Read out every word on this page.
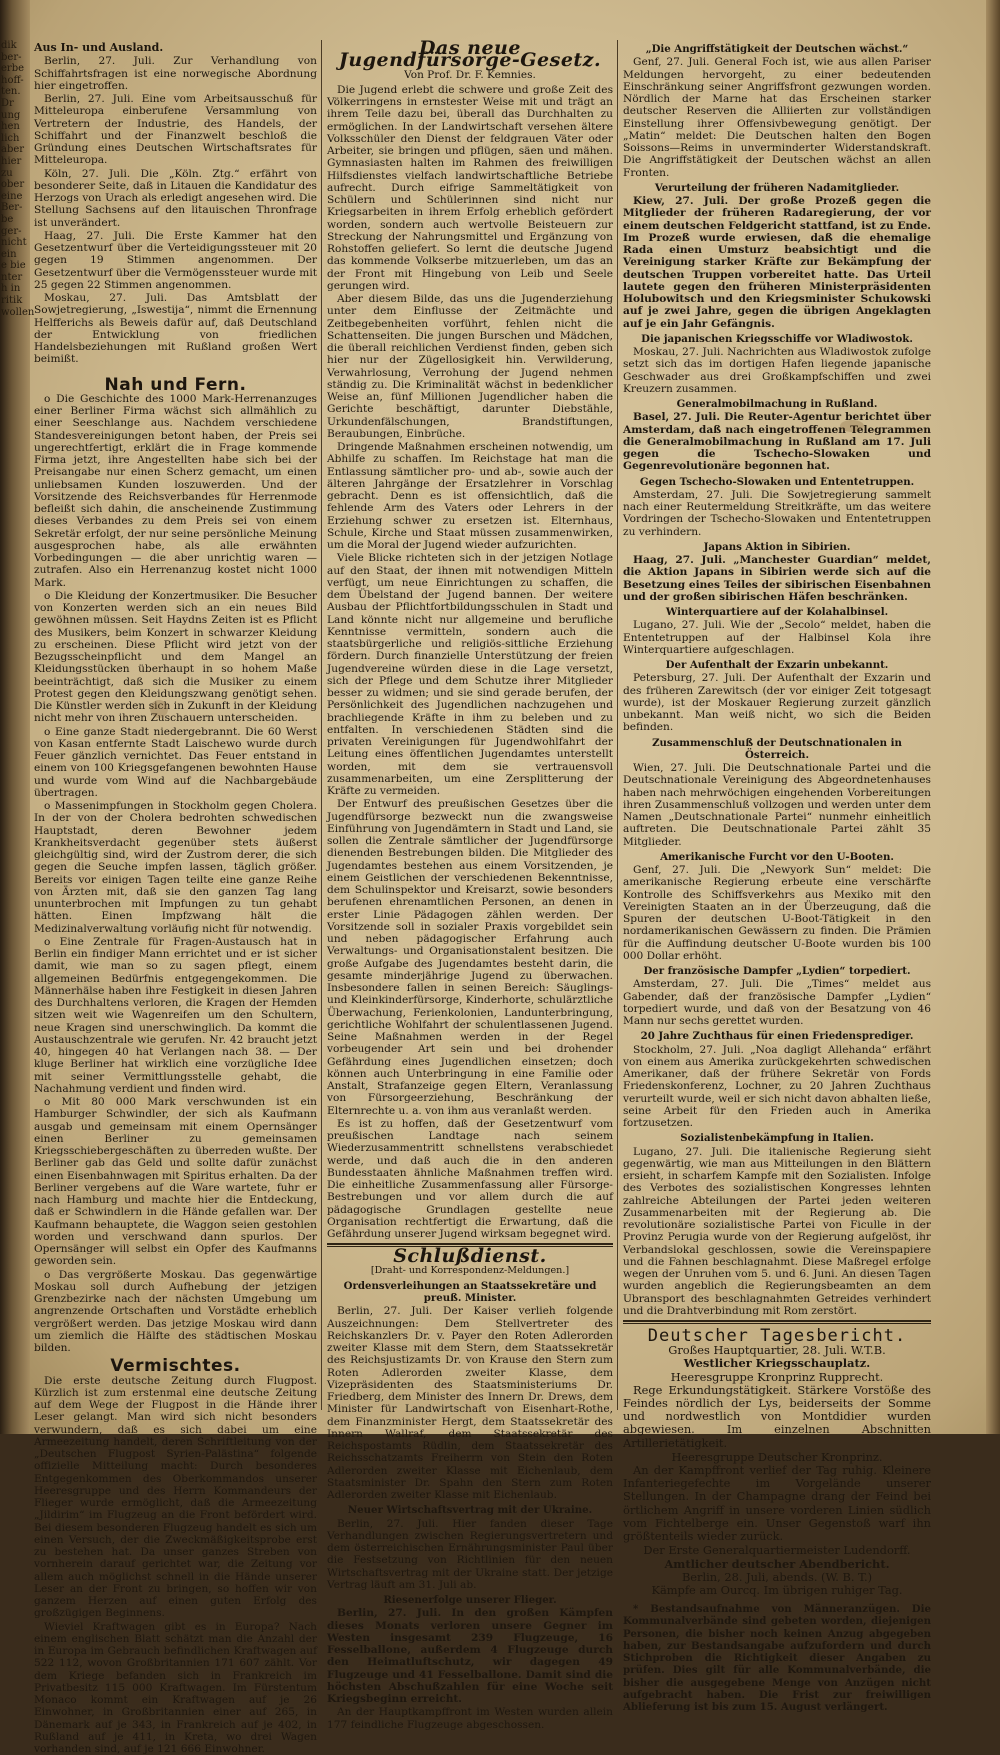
dik
ber-
erbe
hoff-
ten.
Dr
ung
hen
lich
aber
hier
zu
ober
eine
Ber-
be
ger-
nicht
ein
e bie
nter
h in
ritik
wollen
Aus In- und Ausland.
Berlin, 27. Juli. Zur Verhandlung von Schiffahrtsfragen ist eine norwegische Abordnung hier eingetroffen.
Berlin, 27. Juli. Eine vom Arbeitsausschuß für Mitteleuropa einberufene Versammlung von Vertretern der Industrie, des Handels, der Schiffahrt und der Finanzwelt beschloß die Gründung eines Deutschen Wirtschaftsrates für Mitteleuropa.
Köln, 27. Juli. Die „Köln. Ztg.“ erfährt von besonderer Seite, daß in Litauen die Kandidatur des Herzogs von Urach als erledigt angesehen wird. Die Stellung Sachsens auf den litauischen Thronfrage ist unverändert.
Haag, 27. Juli. Die Erste Kammer hat den Gesetzentwurf über die Verteidigungssteuer mit 20 gegen 19 Stimmen angenommen. Der Gesetzentwurf über die Vermögenssteuer wurde mit 25 gegen 22 Stimmen angenommen.
Moskau, 27. Juli. Das Amtsblatt der Sowjetregierung, „Iswestija“, nimmt die Ernennung Helfferichs als Beweis dafür auf, daß Deutschland der Entwicklung von friedlichen Handelsbeziehungen mit Rußland großen Wert beimißt.
Nah und Fern.
o Die Geschichte des 1000 Mark-Herrenanzuges einer Berliner Firma wächst sich allmählich zu einer Seeschlange aus. Nachdem verschiedene Standesvereinigungen betont haben, der Preis sei ungerechtfertigt, erklärt die in Frage kommende Firma jetzt, ihre Angestellten habe sich bei der Preisangabe nur einen Scherz gemacht, um einen unliebsamen Kunden loszuwerden. Und der Vorsitzende des Reichsverbandes für Herrenmode befleißt sich dahin, die anscheinende Zustimmung dieses Verbandes zu dem Preis sei von einem Sekretär erfolgt, der nur seine persönliche Meinung ausgesprochen habe, als alle erwähnten Vorbedingungen — die aber unrichtig waren — zutrafen. Also ein Herrenanzug kostet nicht 1000 Mark.
o Die Kleidung der Konzertmusiker. Die Besucher von Konzerten werden sich an ein neues Bild gewöhnen müssen. Seit Haydns Zeiten ist es Pflicht des Musikers, beim Konzert in schwarzer Kleidung zu erscheinen. Diese Pflicht wird jetzt von der Bezugsscheinpflicht und dem Mangel an Kleidungsstücken überhaupt in so hohem Maße beeinträchtigt, daß sich die Musiker zu einem Protest gegen den Kleidungszwang genötigt sehen. Die Künstler werden sich in Zukunft in der Kleidung nicht mehr von ihren Zuschauern unterscheiden.
o Eine ganze Stadt niedergebrannt. Die 60 Werst von Kasan entfernte Stadt Laischewo wurde durch Feuer gänzlich vernichtet. Das Feuer entstand in einem von 100 Kriegsgefangenen bewohnten Hause und wurde vom Wind auf die Nachbargebäude übertragen.
o Massenimpfungen in Stockholm gegen Cholera. In der von der Cholera bedrohten schwedischen Hauptstadt, deren Bewohner jedem Krankheitsverdacht gegenüber stets äußerst gleichgültig sind, wird der Zustrom derer, die sich gegen die Seuche impfen lassen, täglich größer. Bereits vor einigen Tagen teilte eine ganze Reihe von Ärzten mit, daß sie den ganzen Tag lang ununterbrochen mit Impfungen zu tun gehabt hätten. Einen Impfzwang hält die Medizinalverwaltung vorläufig nicht für notwendig.
o Eine Zentrale für Fragen-Austausch hat in Berlin ein findiger Mann errichtet und er ist sicher damit, wie man so zu sagen pflegt, einem allgemeinen Bedürfnis entgegengekommen. Die Männerhälse haben ihre Festigkeit in diesen Jahren des Durchhaltens verloren, die Kragen der Hemden sitzen weit wie Wagenreifen um den Schultern, neue Kragen sind unerschwinglich. Da kommt die Austauschzentrale wie gerufen. Nr. 42 braucht jetzt 40, hingegen 40 hat Verlangen nach 38. — Der kluge Berliner hat wirklich eine vorzügliche Idee mit seiner Vermittlungsstelle gehabt, die Nachahmung verdient und finden wird.
o Mit 80 000 Mark verschwunden ist ein Hamburger Schwindler, der sich als Kaufmann ausgab und gemeinsam mit einem Opernsänger einen Berliner zu gemeinsamen Kriegsschiebergeschäften zu überreden wußte. Der Berliner gab das Geld und sollte dafür zunächst einen Eisenbahnwagen mit Spiritus erhalten. Da der Berliner vergebens auf die Ware wartete, fuhr er nach Hamburg und machte hier die Entdeckung, daß er Schwindlern in die Hände gefallen war. Der Kaufmann behauptete, die Waggon seien gestohlen worden und verschwand dann spurlos. Der Opernsänger will selbst ein Opfer des Kaufmanns geworden sein.
o Das vergrößerte Moskau. Das gegenwärtige Moskau soll durch Aufhebung der jetzigen Grenzbezirke nach der nächsten Umgebung um angrenzende Ortschaften und Vorstädte erheblich vergrößert werden. Das jetzige Moskau wird dann um ziemlich die Hälfte des städtischen Moskau bilden.
Vermischtes.
Die erste deutsche Zeitung durch Flugpost. Kürzlich ist zum erstenmal eine deutsche Zeitung auf dem Wege der Flugpost in die Hände ihrer Leser gelangt. Man wird sich nicht besonders verwundern, daß es sich dabei um eine Armeezeitung handelt, deren Schriftleitung von der „Deutschen Flugpost Syrien-Palästina“ folgende offizielle Mitteilung macht: Durch besonderes Entgegenkommen des Oberkommandos unserer Heeresgruppe und des Herrn Kommandeurs der Flieger wurde ermöglicht, daß die Armeezeitung „Jildirim“ im Flugzeug an die Front befördert wird. Bei diesem besonderen Flugzeug handelt es sich um einen Versuch, der die Zweckmäßigkeitsprobe erst zu bestehen hat. Da unser ganzes Streben von vornherein darauf gerichtet war, die Zeitung vor allem auch möglichst schnell in die Hände unserer Leser an der Front zu bringen, so hoffen wir von ganzem Herzen auf einen guten Erfolg des großzügigen Beginnens.
Wieviel Kraftwagen gibt es in Europa? Nach einem englischen Blatt schätzt man die Anzahl der in Europa im Gebrauch befindlichen Kraftwagen auf 522 112, wovon Großbritannien 171 607 zählt. Vor dem Kriege befanden sich in Frankreich im Privatbesitz 115 000 Kraftwagen. Im Fürstentum Monaco kommt ein Kraftwagen auf je 26 Einwohner, in Großbritannien einer auf 265, in Dänemark auf je 343, in Frankreich auf je 402, in Rußland auf je 411, in Kreta, wo drei Wagen vorhanden sind, auf je 121 666 Einwohner.
Das neue Jugendfürsorge-Gesetz.
Von Prof. Dr. F. Kemnies.
Die Jugend erlebt die schwere und große Zeit des Völkerringens in ernstester Weise mit und trägt an ihrem Teile dazu bei, überall das Durchhalten zu ermöglichen. In der Landwirtschaft versehen ältere Volksschüler den Dienst der feldgrauen Väter oder Arbeiter, sie bringen und pflügen, säen und mähen. Gymnasiasten halten im Rahmen des freiwilligen Hilfsdienstes vielfach landwirtschaftliche Betriebe aufrecht. Durch eifrige Sammeltätigkeit von Schülern und Schülerinnen sind nicht nur Kriegsarbeiten in ihrem Erfolg erheblich gefördert worden, sondern auch wertvolle Beisteuern zur Streckung der Nahrungsmittel und Ergänzung von Rohstoffen geliefert. So lernt die deutsche Jugend das kommende Volkserbe mitzuerleben, um das an der Front mit Hingebung von Leib und Seele gerungen wird.
Aber diesem Bilde, das uns die Jugenderziehung unter dem Einflusse der Zeitmächte und Zeitbegebenheiten vorführt, fehlen nicht die Schattenseiten. Die jungen Burschen und Mädchen, die überall reichlichen Verdienst finden, geben sich hier nur der Zügellosigkeit hin. Verwilderung, Verwahrlosung, Verrohung der Jugend nehmen ständig zu. Die Kriminalität wächst in bedenklicher Weise an, fünf Millionen Jugendlicher haben die Gerichte beschäftigt, darunter Diebstähle, Urkundenfälschungen, Brandstiftungen, Beraubungen, Einbrüche.
Dringende Maßnahmen erscheinen notwendig, um Abhilfe zu schaffen. Im Reichstage hat man die Entlassung sämtlicher pro- und ab-, sowie auch der älteren Jahrgänge der Ersatzlehrer in Vorschlag gebracht. Denn es ist offensichtlich, daß die fehlende Arm des Vaters oder Lehrers in der Erziehung schwer zu ersetzen ist. Elternhaus, Schule, Kirche und Staat müssen zusammenwirken, um die Moral der Jugend wieder aufzurichten.
Viele Blicke richteten sich in der jetzigen Notlage auf den Staat, der ihnen mit notwendigen Mitteln verfügt, um neue Einrichtungen zu schaffen, die dem Übelstand der Jugend bannen. Der weitere Ausbau der Pflichtfortbildungsschulen in Stadt und Land könnte nicht nur allgemeine und berufliche Kenntnisse vermitteln, sondern auch die staatsbürgerliche und religiös-sittliche Erziehung fördern. Durch finanzielle Unterstützung der freien Jugendvereine würden diese in die Lage versetzt, sich der Pflege und dem Schutze ihrer Mitglieder besser zu widmen; und sie sind gerade berufen, der Persönlichkeit des Jugendlichen nachzugehen und brachliegende Kräfte in ihm zu beleben und zu entfalten. In verschiedenen Städten sind die privaten Vereinigungen für Jugendwohlfahrt der Leitung eines öffentlichen Jugendamtes unterstellt worden, mit dem sie vertrauensvoll zusammenarbeiten, um eine Zersplitterung der Kräfte zu vermeiden.
Der Entwurf des preußischen Gesetzes über die Jugendfürsorge bezweckt nun die zwangsweise Einführung von Jugendämtern in Stadt und Land, sie sollen die Zentrale sämtlicher der Jugendfürsorge dienenden Bestrebungen bilden. Die Mitglieder des Jugendamtes bestehen aus einem Vorsitzenden, je einem Geistlichen der verschiedenen Bekenntnisse, dem Schulinspektor und Kreisarzt, sowie besonders berufenen ehrenamtlichen Personen, an denen in erster Linie Pädagogen zählen werden. Der Vorsitzende soll in sozialer Praxis vorgebildet sein und neben pädagogischer Erfahrung auch Verwaltungs- und Organisationstalent besitzen. Die große Aufgabe des Jugendamtes besteht darin, die gesamte minderjährige Jugend zu überwachen. Insbesondere fallen in seinen Bereich: Säuglings- und Kleinkinderfürsorge, Kinderhorte, schulärztliche Überwachung, Ferienkolonien, Landunterbringung, gerichtliche Wohlfahrt der schulentlassenen Jugend. Seine Maßnahmen werden in der Regel vorbeugender Art sein und bei drohender Gefährdung eines Jugendlichen einsetzen; doch können auch Unterbringung in eine Familie oder Anstalt, Strafanzeige gegen Eltern, Veranlassung von Fürsorgeerziehung, Beschränkung der Elternrechte u. a. von ihm aus veranlaßt werden.
Es ist zu hoffen, daß der Gesetzentwurf vom preußischen Landtage nach seinem Wiederzusammentritt schnellstens verabschiedet werde, und daß auch die in den anderen Bundesstaaten ähnliche Maßnahmen treffen wird. Die einheitliche Zusammenfassung aller Fürsorge-Bestrebungen und vor allem durch die auf pädagogische Grundlagen gestellte neue Organisation rechtfertigt die Erwartung, daß die Gefährdung unserer Jugend wirksam begegnet wird.
Schlußdienst.
[Draht- und Korrespondenz-Meldungen.]
Ordensverleihungen an Staatssekretäre und preuß. Minister.
Berlin, 27. Juli. Der Kaiser verlieh folgende Auszeichnungen: Dem Stellvertreter des Reichskanzlers Dr. v. Payer den Roten Adlerorden zweiter Klasse mit dem Stern, dem Staatssekretär des Reichsjustizamts Dr. von Krause den Stern zum Roten Adlerorden zweiter Klasse, dem Vizepräsidenten des Staatsministeriums Dr. Friedberg, dem Minister des Innern Dr. Drews, dem Minister für Landwirtschaft von Eisenhart-Rothe, dem Finanzminister Hergt, dem Staatssekretär des Innern Wallraf, dem Staatssekretär des Reichspostamts Rüdlin, dem Staatssekretär des Reichsschatzamts Freiherrn von Stein den Roten Adlerorden zweiter Klasse mit Eichenlaub, dem Staatsminister Dr. Spahn den Stern zum Roten Adlerorden zweiter Klasse mit Eichenlaub.
Neuer Wirtschaftsvertrag mit der Ukraine.
Berlin, 27. Juli. Hier fanden dieser Tage Verhandlungen zwischen Regierungsvertretern und dem österreichischen Ernährungsminister Paul über die Festsetzung von Richtlinien für den neuen Wirtschaftsvertrag mit der Ukraine statt. Der jetzige Vertrag läuft am 31. Juli ab.
Riesenerfolge unserer Flieger.
Berlin, 27. Juli. In den großen Kämpfen dieses Monats verloren unsere Gegner im Westen insgesamt 239 Flugzeuge, 16 Fesselballone, außerdem 4 Flugzeuge durch den Heimatluftschutz, wir dagegen 49 Flugzeuge und 41 Fesselballone. Damit sind die höchsten Abschußzahlen für eine Woche seit Kriegsbeginn erreicht.
An der Hauptkampffront im Westen wurden allein 177 feindliche Flugzeuge abgeschossen.
„Die Angriffstätigkeit der Deutschen wächst.“
Genf, 27. Juli. General Foch ist, wie aus allen Pariser Meldungen hervorgeht, zu einer bedeutenden Einschränkung seiner Angriffsfront gezwungen worden. Nördlich der Marne hat das Erscheinen starker deutscher Reserven die Alliierten zur vollständigen Einstellung ihrer Offensivbewegung genötigt. Der „Matin“ meldet: Die Deutschen halten den Bogen Soissons—Reims in unverminderter Widerstandskraft. Die Angriffstätigkeit der Deutschen wächst an allen Fronten.
Verurteilung der früheren Nadamitglieder.
Kiew, 27. Juli. Der große Prozeß gegen die Mitglieder der früheren Radaregierung, der vor einem deutschen Feldgericht stattfand, ist zu Ende. Im Prozeß wurde erwiesen, daß die ehemalige Rada einen Umsturz beabsichtigt und die Vereinigung starker Kräfte zur Bekämpfung der deutschen Truppen vorbereitet hatte. Das Urteil lautete gegen den früheren Ministerpräsidenten Holubowitsch und den Kriegsminister Schukowski auf je zwei Jahre, gegen die übrigen Angeklagten auf je ein Jahr Gefängnis.
Die japanischen Kriegsschiffe vor Wladiwostok.
Moskau, 27. Juli. Nachrichten aus Wladiwostok zufolge setzt sich das im dortigen Hafen liegende japanische Geschwader aus drei Großkampfschiffen und zwei Kreuzern zusammen.
Generalmobilmachung in Rußland.
Basel, 27. Juli. Die Reuter-Agentur berichtet über Amsterdam, daß nach eingetroffenen Telegrammen die Generalmobilmachung in Rußland am 17. Juli gegen die Tschecho-Slowaken und Gegenrevolutionäre begonnen hat.
Gegen Tschecho-Slowaken und Ententetruppen.
Amsterdam, 27. Juli. Die Sowjetregierung sammelt nach einer Reutermeldung Streitkräfte, um das weitere Vordringen der Tschecho-Slowaken und Ententetruppen zu verhindern.
Japans Aktion in Sibirien.
Haag, 27. Juli. „Manchester Guardian“ meldet, die Aktion Japans in Sibirien werde sich auf die Besetzung eines Teiles der sibirischen Eisenbahnen und der großen sibirischen Häfen beschränken.
Winterquartiere auf der Kolahalbinsel.
Lugano, 27. Juli. Wie der „Secolo“ meldet, haben die Ententetruppen auf der Halbinsel Kola ihre Winterquartiere aufgeschlagen.
Der Aufenthalt der Exzarin unbekannt.
Petersburg, 27. Juli. Der Aufenthalt der Exzarin und des früheren Zarewitsch (der vor einiger Zeit totgesagt wurde), ist der Moskauer Regierung zurzeit gänzlich unbekannt. Man weiß nicht, wo sich die Beiden befinden.
Zusammenschluß der Deutschnationalen in Österreich.
Wien, 27. Juli. Die Deutschnationale Partei und die Deutschnationale Vereinigung des Abgeordnetenhauses haben nach mehrwöchigen eingehenden Vorbereitungen ihren Zusammenschluß vollzogen und werden unter dem Namen „Deutschnationale Partei“ nunmehr einheitlich auftreten. Die Deutschnationale Partei zählt 35 Mitglieder.
Amerikanische Furcht vor den U-Booten.
Genf, 27. Juli. Die „Newyork Sun“ meldet: Die amerikanische Regierung erbeute eine verschärfte Kontrolle des Schiffsverkehrs aus Mexiko mit den Vereinigten Staaten an in der Überzeugung, daß die Spuren der deutschen U-Boot-Tätigkeit in den nordamerikanischen Gewässern zu finden. Die Prämien für die Auffindung deutscher U-Boote wurden bis 100 000 Dollar erhöht.
Der französische Dampfer „Lydien“ torpediert.
Amsterdam, 27. Juli. Die „Times“ meldet aus Gabender, daß der französische Dampfer „Lydien“ torpediert wurde, und daß von der Besatzung von 46 Mann nur sechs gerettet wurden.
20 Jahre Zuchthaus für einen Friedensprediger.
Stockholm, 27. Juli. „Noa dagligt Allehanda“ erfährt von einem aus Amerika zurückgekehrten schwedischen Amerikaner, daß der frühere Sekretär von Fords Friedenskonferenz, Lochner, zu 20 Jahren Zuchthaus verurteilt wurde, weil er sich nicht davon abhalten ließe, seine Arbeit für den Frieden auch in Amerika fortzusetzen.
Sozialistenbekämpfung in Italien.
Lugano, 27. Juli. Die italienische Regierung sieht gegenwärtig, wie man aus Mitteilungen in den Blättern ersieht, in scharfem Kampfe mit den Sozialisten. Infolge des Verbotes des sozialistischen Kongresses lehnten zahlreiche Abteilungen der Partei jeden weiteren Zusammenarbeiten mit der Regierung ab. Die revolutionäre sozialistische Partei von Ficulle in der Provinz Perugia wurde von der Regierung aufgelöst, ihr Verbandslokal geschlossen, sowie die Vereinspapiere und die Fahnen beschlagnahmt. Diese Maßregel erfolge wegen der Unruhen vom 5. und 6. Juni. An diesen Tagen wurden angeblich die Regierungsbeamten an dem Ubransport des beschlagnahmten Getreides verhindert und die Drahtverbindung mit Rom zerstört.
Deutscher Tagesbericht.
Großes Hauptquartier, 28. Juli. W.T.B.
Westlicher Kriegsschauplatz.
Heeresgruppe Kronprinz Rupprecht.
Rege Erkundungstätigkeit. Stärkere Vorstöße des Feindes nördlich der Lys, beiderseits der Somme und nordwestlich von Montdidier wurden abgewiesen. Im einzelnen Abschnitten Artillerietätigkeit.
Heeresgruppe Deutscher Kronprinz.
An der Kampffront verlief der Tag ruhig. Kleinere Infanteriegefechte im Vorgelände unserer Stellungen. In der Champagne drang der Feind bei örtlichem Angriff in unsere vorderen Linien südlich vom Fichtelberge ein. Unser Gegenstoß warf ihn größtenteils wieder zurück.
Der Erste Generalquartiermeister Ludendorff.
Amtlicher deutscher Abendbericht.
Berlin, 28. Juli, abends. (W. B. T.)
Kämpfe am Ourcq. Im übrigen ruhiger Tag.
* Bestandsaufnahme von Männeranzügen. Die Kommunalverbände sind gebeten worden, diejenigen Personen, die bisher noch keinen Anzug abgegeben haben, zur Bestandsangabe aufzufordern und durch Stichproben die Richtigkeit dieser Angaben zu prüfen. Dies gilt für alle Kommunalverbände, die bisher die ausgegebene Menge von Anzügen nicht aufgebracht haben. Die Frist zur freiwilligen Ablieferung ist bis zum 15. August verlängert.
